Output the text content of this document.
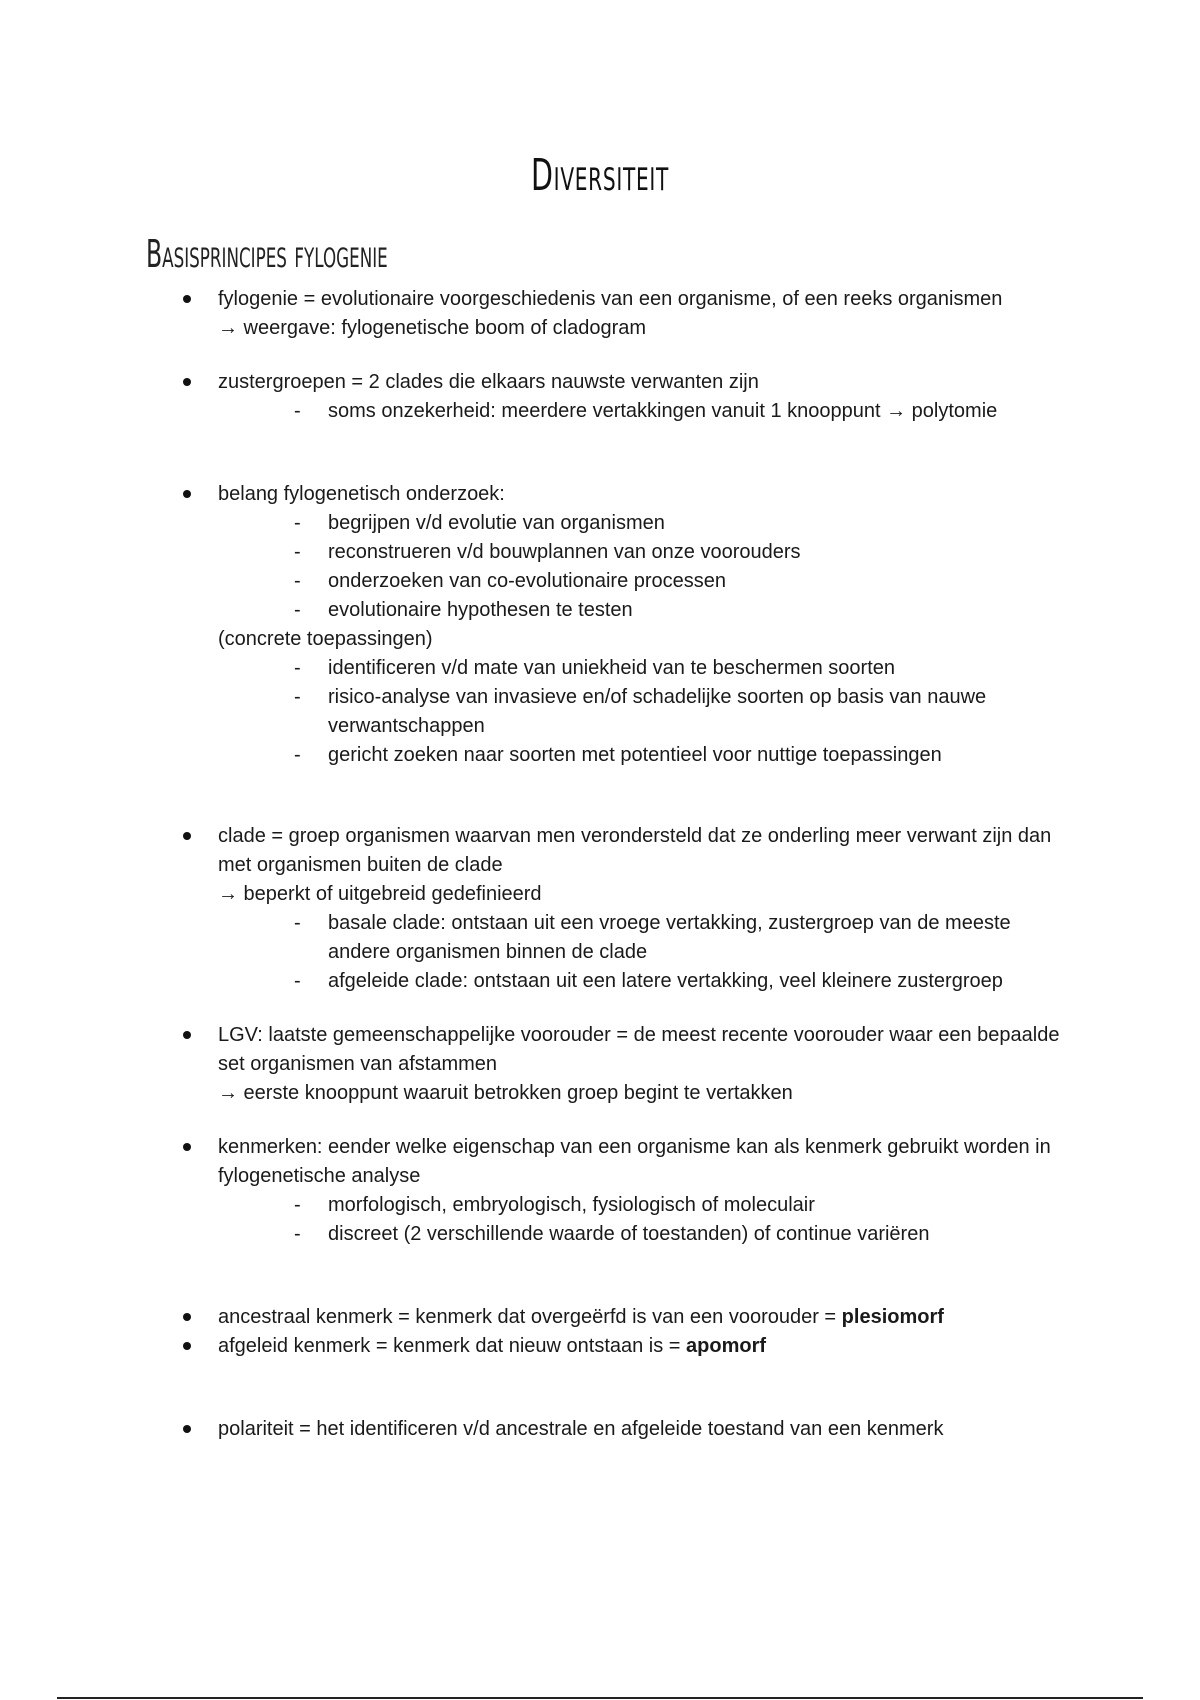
Diversiteit
Basisprincipes fylogenie

fylogenie = evolutionaire voorgeschiedenis van een organisme, of een reeks organismen

→ weergave: fylogenetische boom of cladogram

zustergroepen = 2 clades die elkaars nauwste verwanten zijn

- soms onzekerheid: meerdere vertakkingen vanuit 1 knooppunt → polytomie

belang fylogenetisch onderzoek:

- begrijpen v/d evolutie van organismen
- reconstrueren v/d bouwplannen van onze voorouders
- onderzoeken van co-evolutionaire processen
- evolutionaire hypothesen te testen

(concrete toepassingen)

- identificeren v/d mate van uniekheid van te beschermen soorten
- risico-analyse van invasieve en/of schadelijke soorten op basis van nauwe verwantschappen
- gericht zoeken naar soorten met potentieel voor nuttige toepassingen

clade = groep organismen waarvan men verondersteld dat ze onderling meer verwant zijn dan met organismen buiten de clade

→ beperkt of uitgebreid gedefinieerd

- basale clade: ontstaan uit een vroege vertakking, zustergroep van de meeste andere organismen binnen de clade
- afgeleide clade: ontstaan uit een latere vertakking, veel kleinere zustergroep

LGV: laatste gemeenschappelijke voorouder = de meest recente voorouder waar een bepaalde set organismen van afstammen

→ eerste knooppunt waaruit betrokken groep begint te vertakken

kenmerken: eender welke eigenschap van een organisme kan als kenmerk gebruikt worden in fylogenetische analyse

- morfologisch, embryologisch, fysiologisch of moleculair
- discreet (2 verschillende waarde of toestanden) of continue variëren

ancestraal kenmerk = kenmerk dat overgeërfd is van een voorouder = plesiomorf

afgeleid kenmerk = kenmerk dat nieuw ontstaan is = apomorf

polariteit = het identificeren v/d ancestrale en afgeleide toestand van een kenmerk
